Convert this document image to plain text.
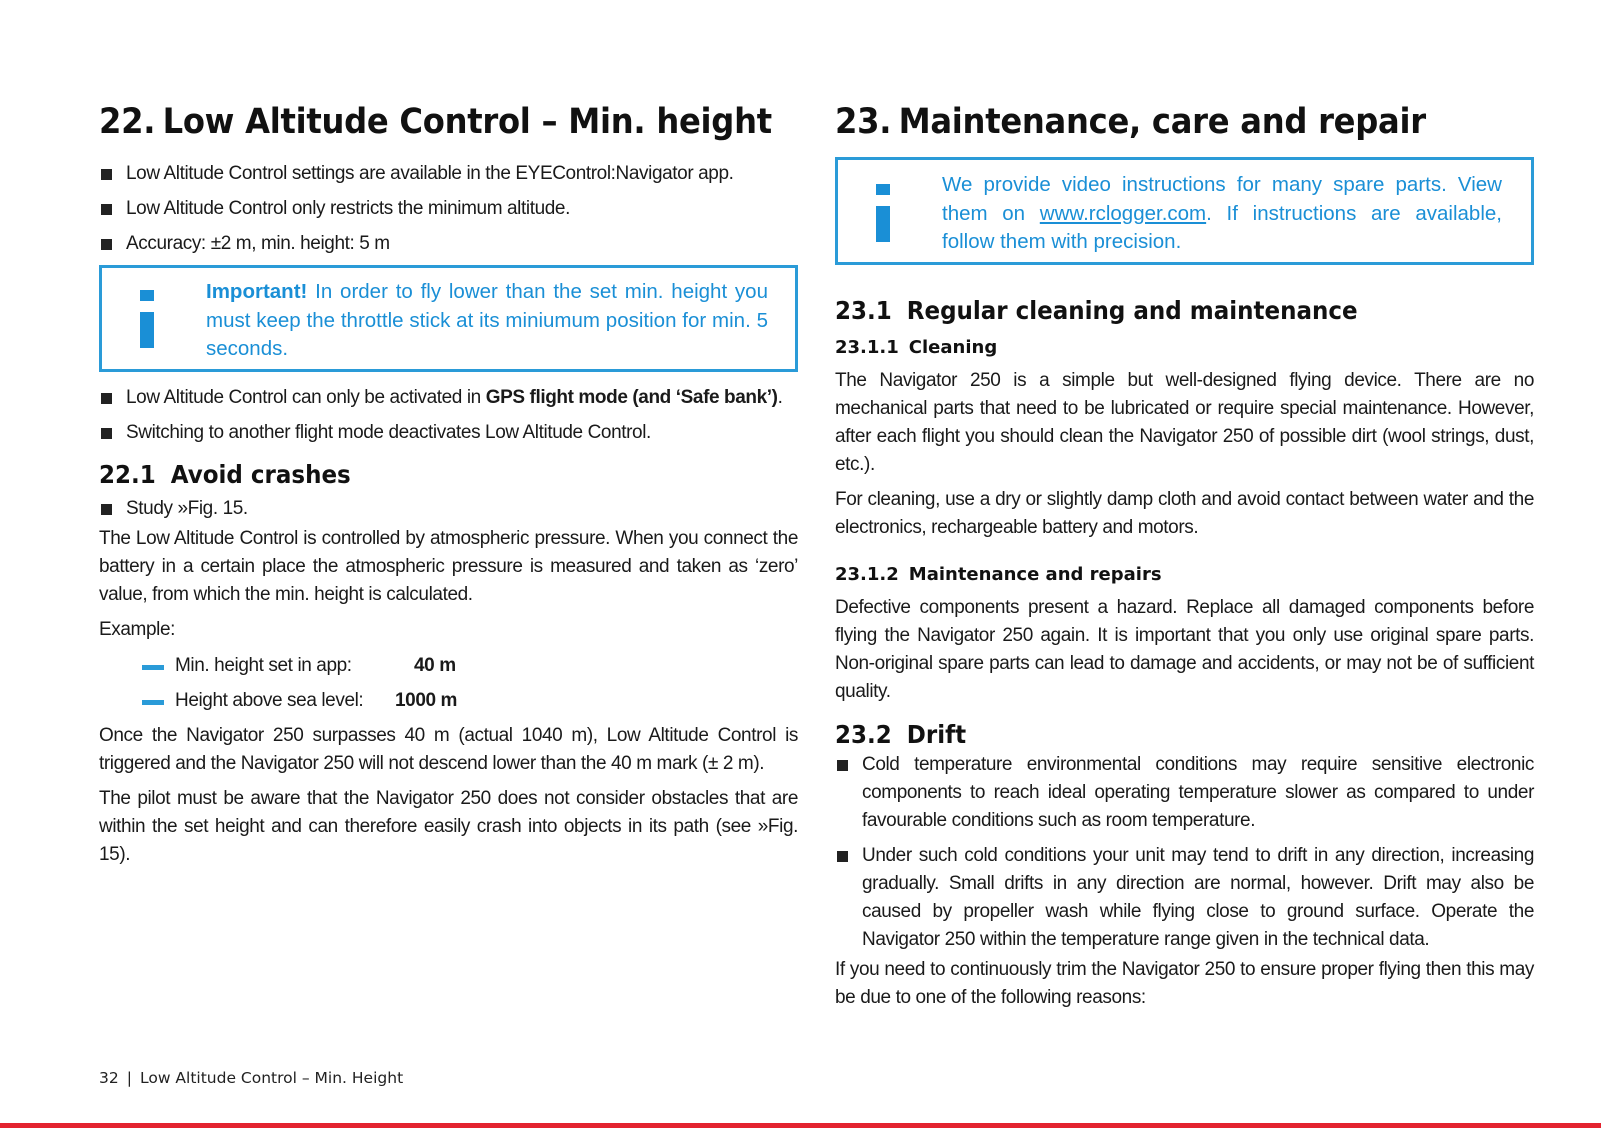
22. Low Altitude Control – Min. height
Low Altitude Control settings are available in the EYEControl:Navigator app.
Low Altitude Control only restricts the minimum altitude.
Accuracy: ±2 m, min. height: 5 m
Important! In order to fly lower than the set min. height you must keep the throttle stick at its miniumum position for min. 5 seconds.
Low Altitude Control can only be activated in GPS flight mode (and ‘Safe bank’).
Switching to another flight mode deactivates Low Altitude Control.
22.1 Avoid crashes
Study »Fig. 15.

The Low Altitude Control is controlled by atmospheric pressure. When you connect the battery in a certain place the atmospheric pressure is measured and taken as ‘zero’ value, from which the min. height is calculated.

Example:

Min. height set in app:	40 m
Height above sea level: 1000 m

Once the Navigator 250 surpasses 40 m (actual 1040 m), Low Altitude Control is triggered and the Navigator 250 will not descend lower than the 40 m mark (± 2 m).

The pilot must be aware that the Navigator 250 does not consider obstacles that are within the set height and can therefore easily crash into objects in its path (see »Fig. 15).

23. Maintenance, care and repair
We provide video instructions for many spare parts. View them on www.rclogger.com. If instructions are available, follow them with precision.
23.1 Regular cleaning and maintenance
23.1.1 Cleaning

The Navigator 250 is a simple but well-designed flying device. There are no mechanical parts that need to be lubricated or require special maintenance. However, after each flight you should clean the Navigator 250 of possible dirt (wool strings, dust, etc.).

For cleaning, use a dry or slightly damp cloth and avoid contact between water and the electronics, rechargeable battery and motors.

23.1.2 Maintenance and repairs

Defective components present a hazard. Replace all damaged components before flying the Navigator 250 again. It is important that you only use original spare parts. Non-original spare parts can lead to damage and accidents, or may not be of sufficient quality.

23.2 Drift
Cold temperature environmental conditions may require sensitive electronic components to reach ideal operating temperature slower as compared to under favourable conditions such as room temperature.
Under such cold conditions your unit may tend to drift in any direction, increasing gradually. Small drifts in any direction are normal, however. Drift may also be caused by propeller wash while flying close to ground surface. Operate the Navigator 250 within the temperature range given in the technical data.

If you need to continuously trim the Navigator 250 to ensure proper flying then this may be due to one of the following reasons:

32 | Low Altitude Control – Min. Height
